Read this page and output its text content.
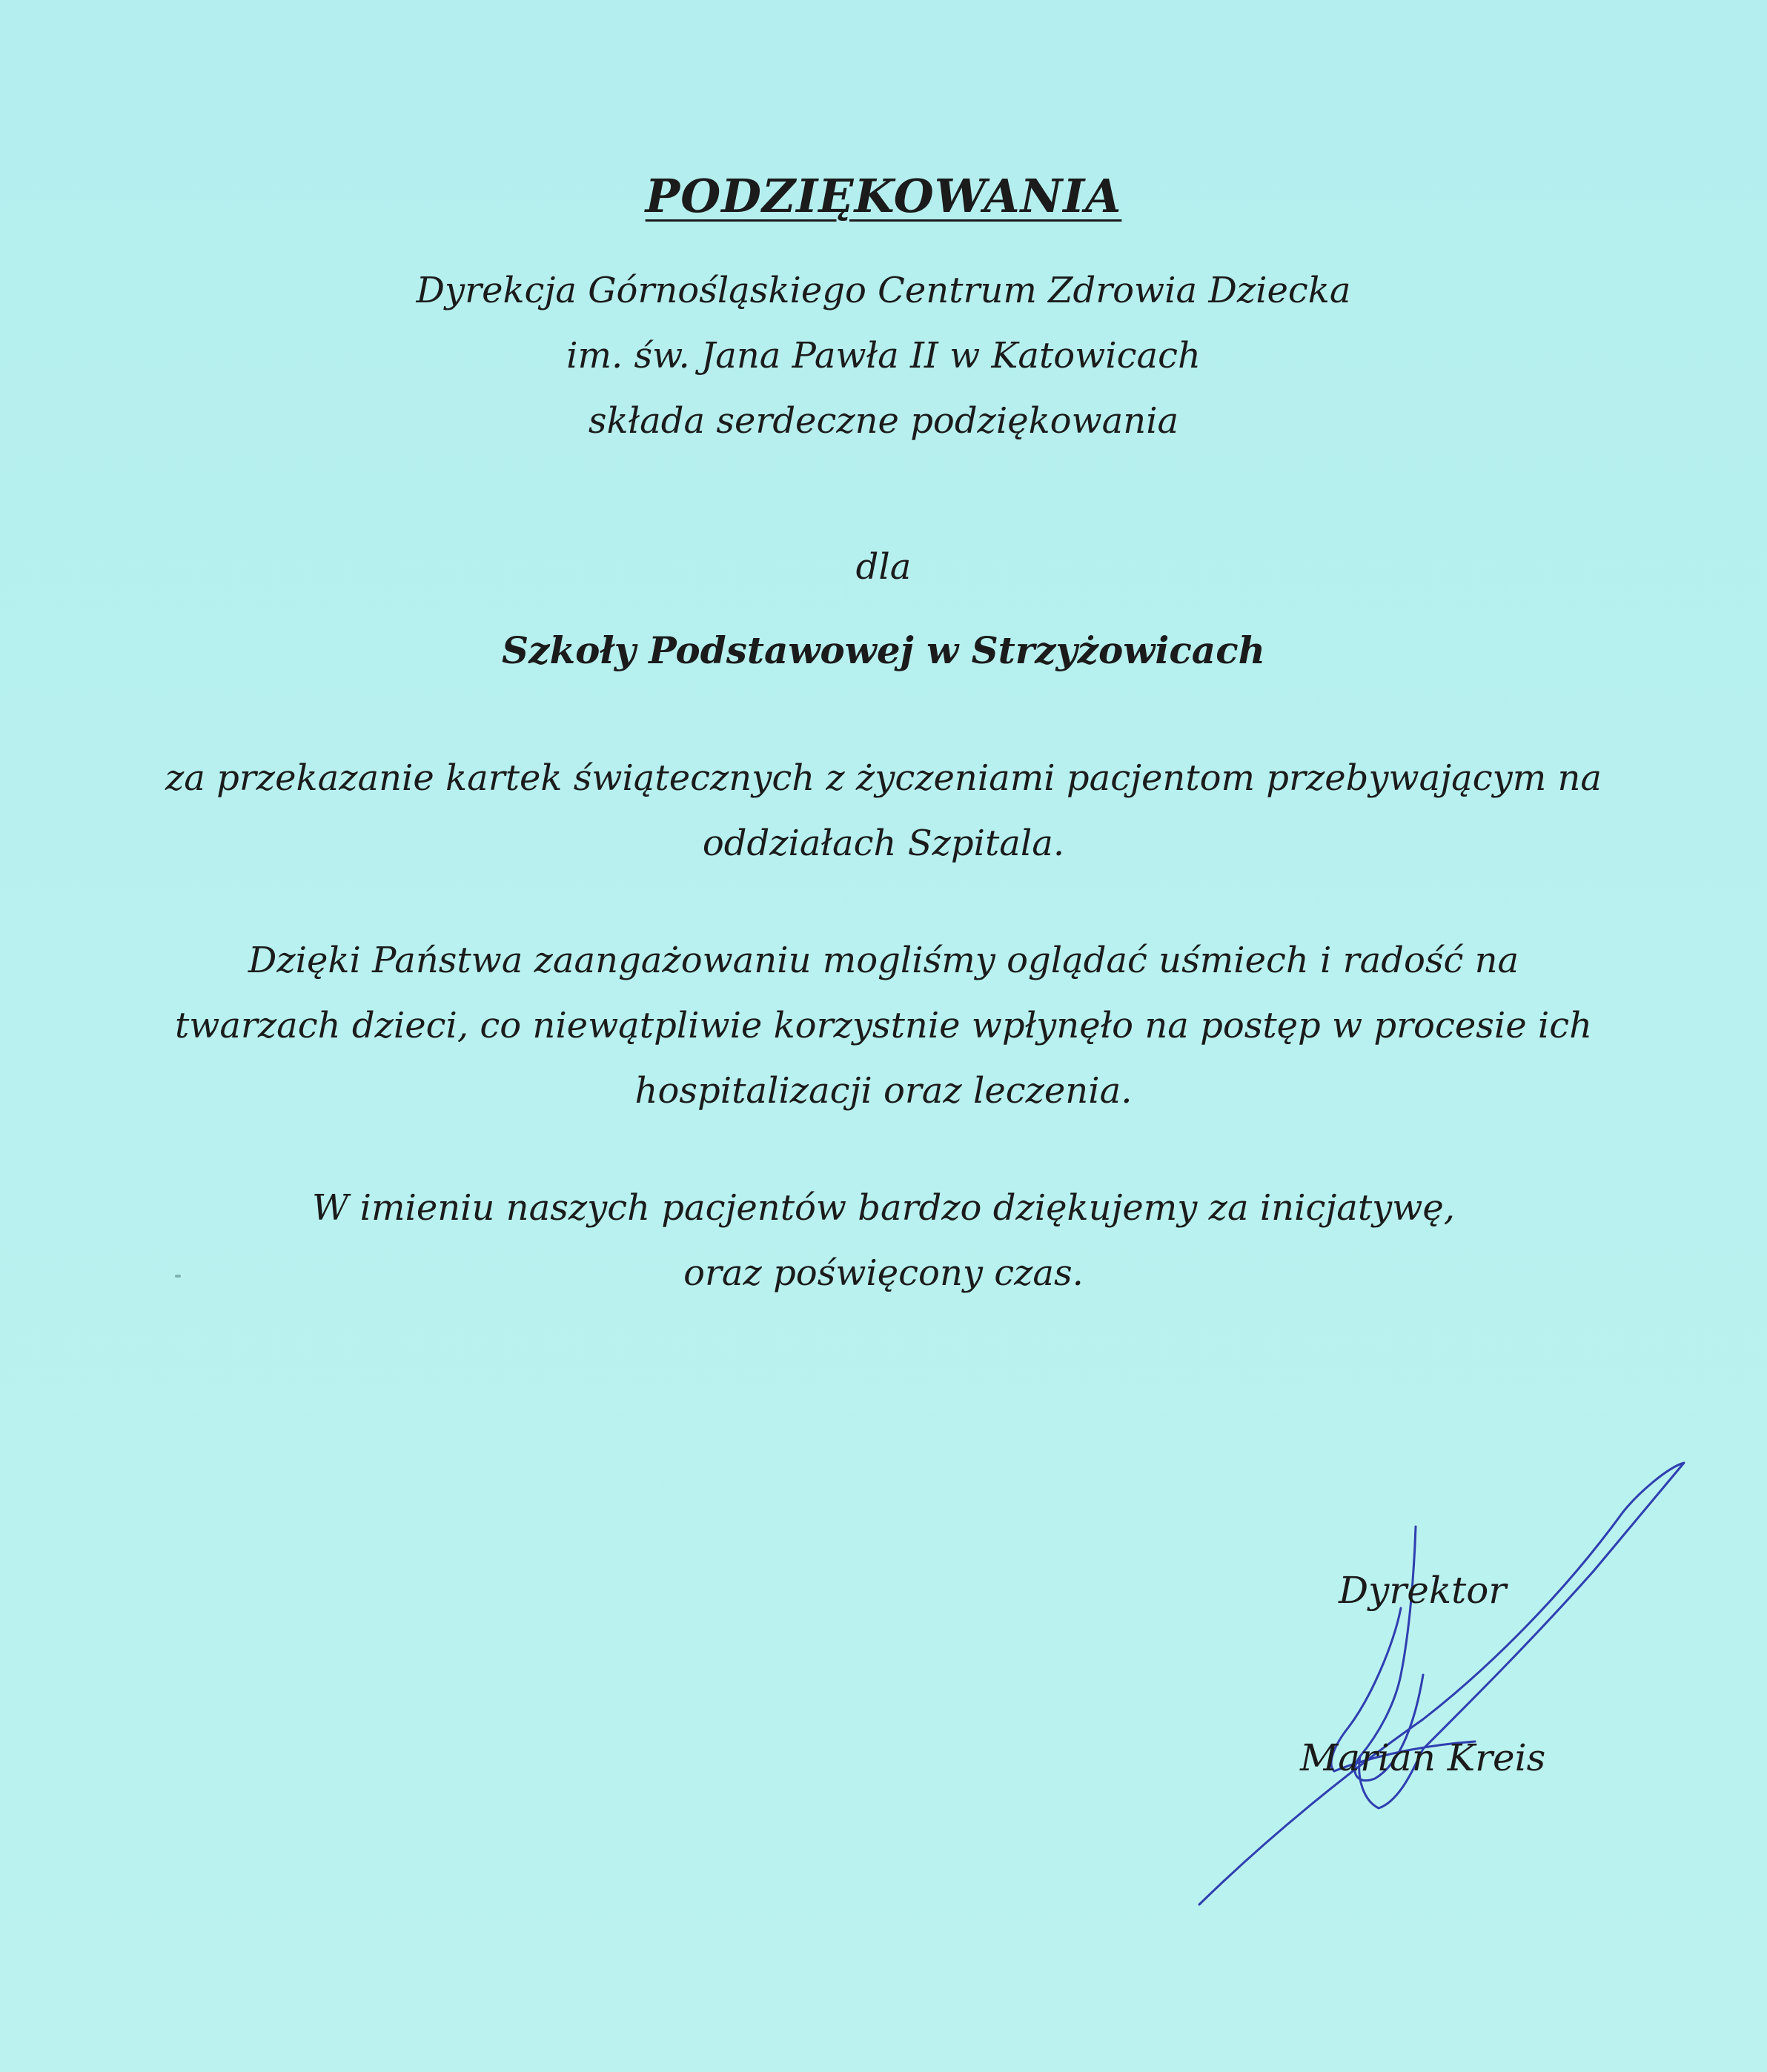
PODZIĘKOWANIA
Dyrekcja Górnośląskiego Centrum Zdrowia Dziecka
im. św. Jana Pawła II w Katowicach
składa serdeczne podziękowania
dla
Szkoły Podstawowej w Strzyżowicach
za przekazanie kartek świątecznych z życzeniami pacjentom przebywającym na
oddziałach Szpitala.
Dzięki Państwa zaangażowaniu mogliśmy oglądać uśmiech i radość na
twarzach dzieci, co niewątpliwie korzystnie wpłynęło na postęp w procesie ich
hospitalizacji oraz leczenia.
W imieniu naszych pacjentów bardzo dziękujemy za inicjatywę,
oraz poświęcony czas.
Dyrektor
Marian Kreis
